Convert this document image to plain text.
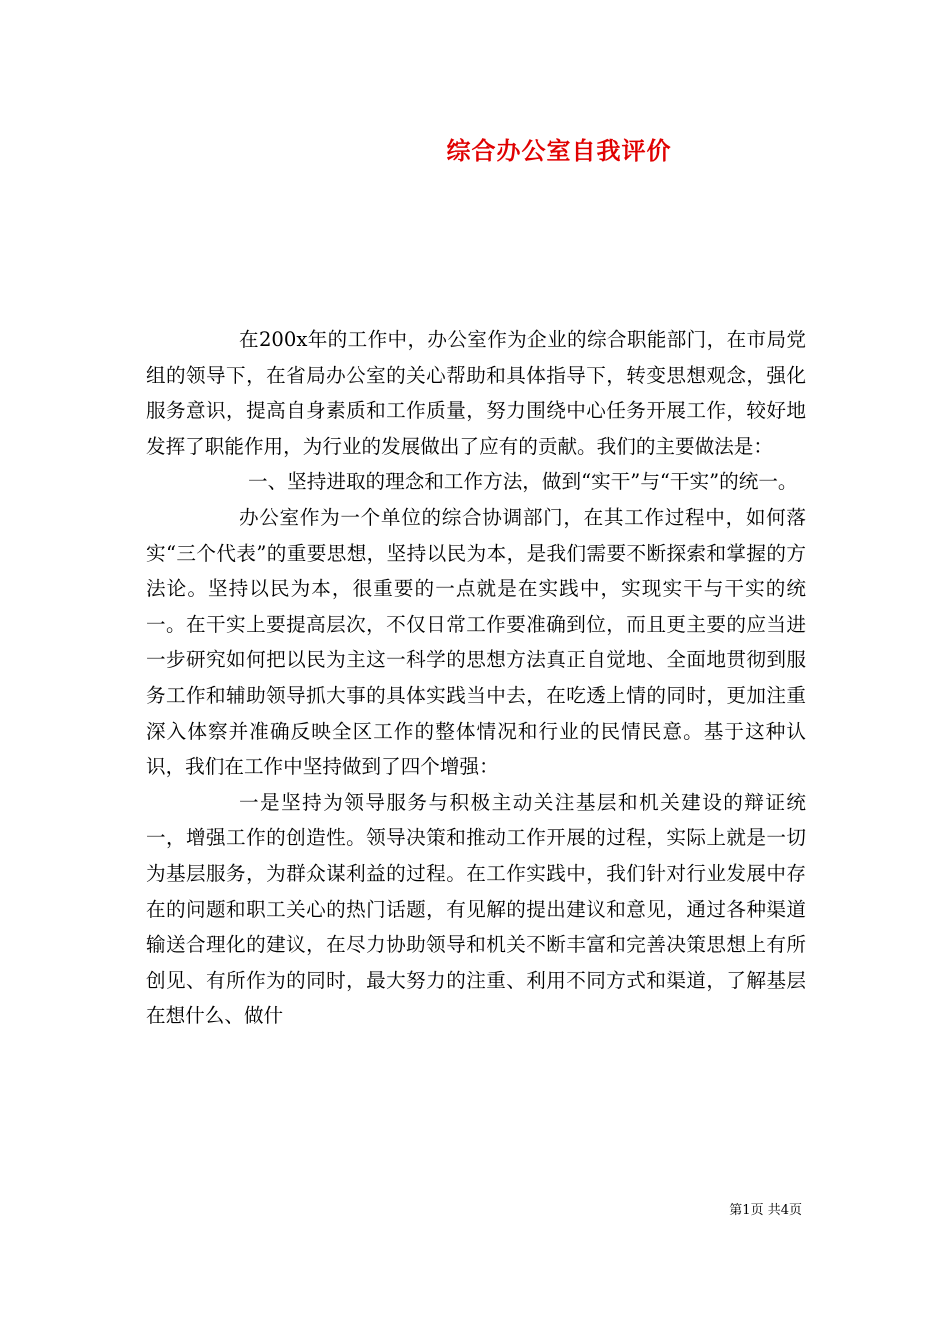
综合办公室自我评价

在200x年的工作中，办公室作为企业的综合职能部门，在市局党组的领导下，在省局办公室的关心帮助和具体指导下，转变思想观念，强化服务意识，提高自身素质和工作质量，努力围绕中心任务开展工作，较好地发挥了职能作用，为行业的发展做出了应有的贡献。我们的主要做法是：

一、坚持进取的理念和工作方法，做到“实干”与“干实”的统一。

办公室作为一个单位的综合协调部门，在其工作过程中，如何落实“三个代表”的重要思想，坚持以民为本，是我们需要不断探索和掌握的方法论。坚持以民为本，很重要的一点就是在实践中，实现实干与干实的统一。在干实上要提高层次，不仅日常工作要准确到位，而且更主要的应当进一步研究如何把以民为主这一科学的思想方法真正自觉地、全面地贯彻到服务工作和辅助领导抓大事的具体实践当中去，在吃透上情的同时，更加注重深入体察并准确反映全区工作的整体情况和行业的民情民意。基于这种认识，我们在工作中坚持做到了四个增强：

一是坚持为领导服务与积极主动关注基层和机关建设的辩证统一，增强工作的创造性。领导决策和推动工作开展的过程，实际上就是一切为基层服务，为群众谋利益的过程。在工作实践中，我们针对行业发展中存在的问题和职工关心的热门话题，有见解的提出建议和意见，通过各种渠道输送合理化的建议，在尽力协助领导和机关不断丰富和完善决策思想上有所创见、有所作为的同时，最大努力的注重、利用不同方式和渠道，了解基层在想什么、做什

第1页 共4页
